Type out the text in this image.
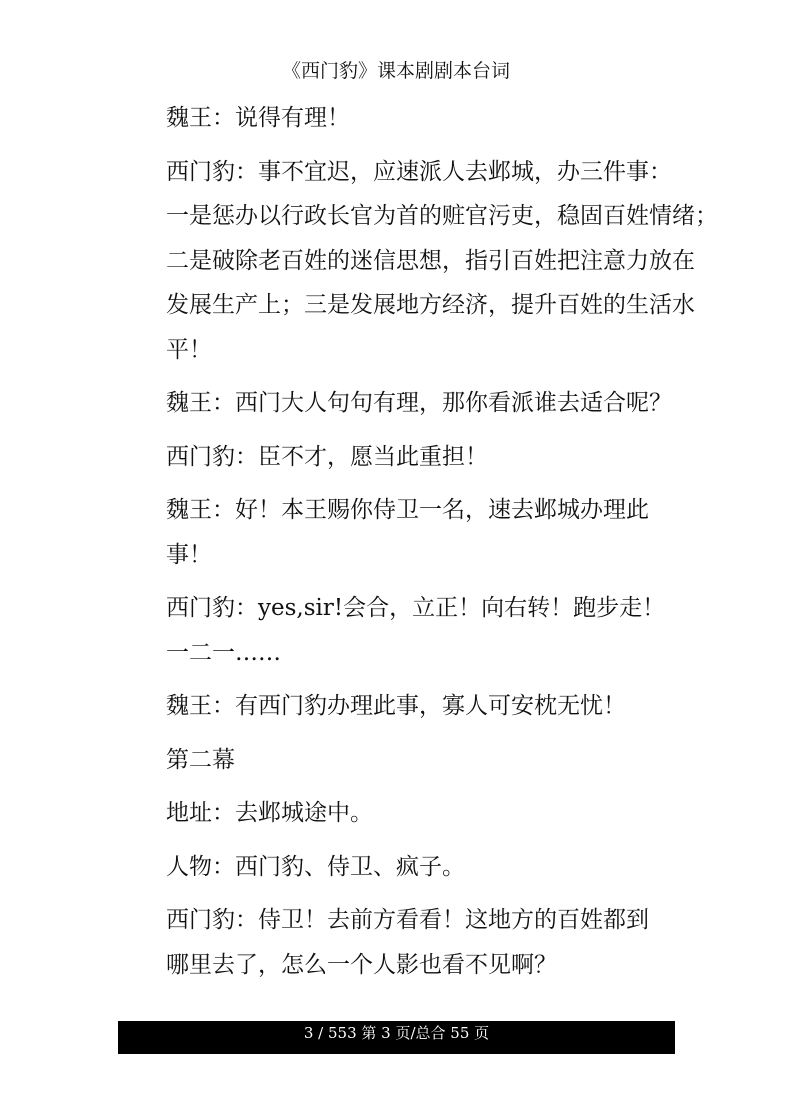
《西门豹》课本剧剧本台词

魏王：说得有理！

西门豹：事不宜迟，应速派人去邺城，办三件事：
一是惩办以行政长官为首的赃官污吏，稳固百姓情绪；
二是破除老百姓的迷信思想，指引百姓把注意力放在
发展生产上；三是发展地方经济，提升百姓的生活水
平！

魏王：西门大人句句有理，那你看派谁去适合呢？

西门豹：臣不才，愿当此重担！

魏王：好！本王赐你侍卫一名，速去邺城办理此
事！

西门豹：yes,sir!会合，立正！向右转！跑步走！
一二一……

魏王：有西门豹办理此事，寡人可安枕无忧！

第二幕

地址：去邺城途中。

人物：西门豹、侍卫、疯子。

西门豹：侍卫！去前方看看！这地方的百姓都到
哪里去了，怎么一个人影也看不见啊？

3 / 553 第 3 页/总合 55 页
